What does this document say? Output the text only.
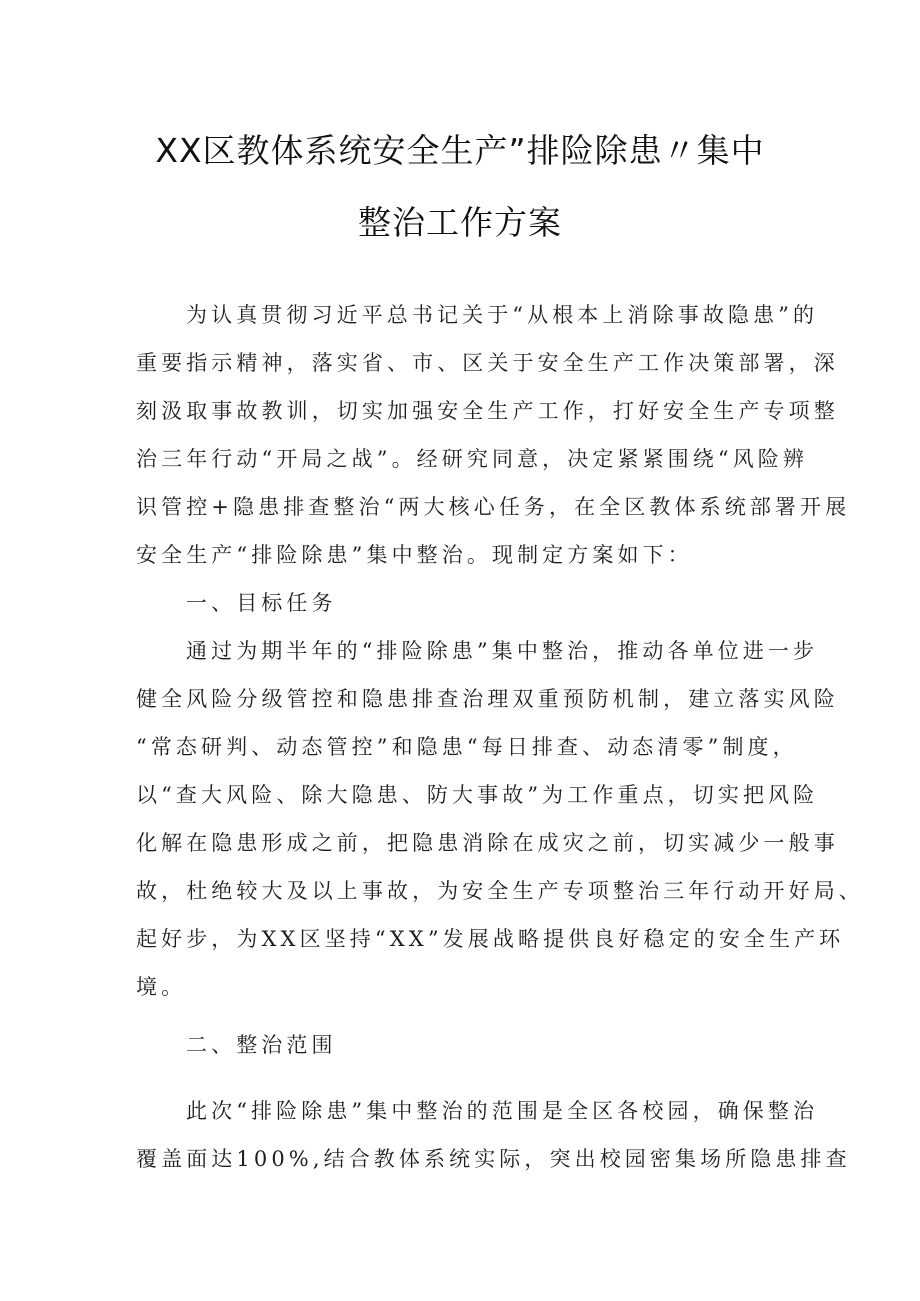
XX区教体系统安全生产”排险除患〃集中
整治工作方案
为认真贯彻习近平总书记关于“从根本上消除事故隐患”的
重要指示精神，落实省、市、区关于安全生产工作决策部署，深
刻汲取事故教训，切实加强安全生产工作，打好安全生产专项整
治三年行动“开局之战”。经研究同意，决定紧紧围绕“风险辨
识管控+隐患排查整治“两大核心任务，在全区教体系统部署开展
安全生产“排险除患”集中整治。现制定方案如下：
一、目标任务
通过为期半年的“排险除患”集中整治，推动各单位进一步
健全风险分级管控和隐患排查治理双重预防机制，建立落实风险
“常态研判、动态管控”和隐患“每日排查、动态清零”制度，
以“查大风险、除大隐患、防大事故”为工作重点，切实把风险
化解在隐患形成之前，把隐患消除在成灾之前，切实减少一般事
故，杜绝较大及以上事故，为安全生产专项整治三年行动开好局、
起好步，为XX区坚持“XX”发展战略提供良好稳定的安全生产环
境。
二、整治范围
此次“排险除患”集中整治的范围是全区各校园，确保整治
覆盖面达100%,结合教体系统实际，突出校园密集场所隐患排查
